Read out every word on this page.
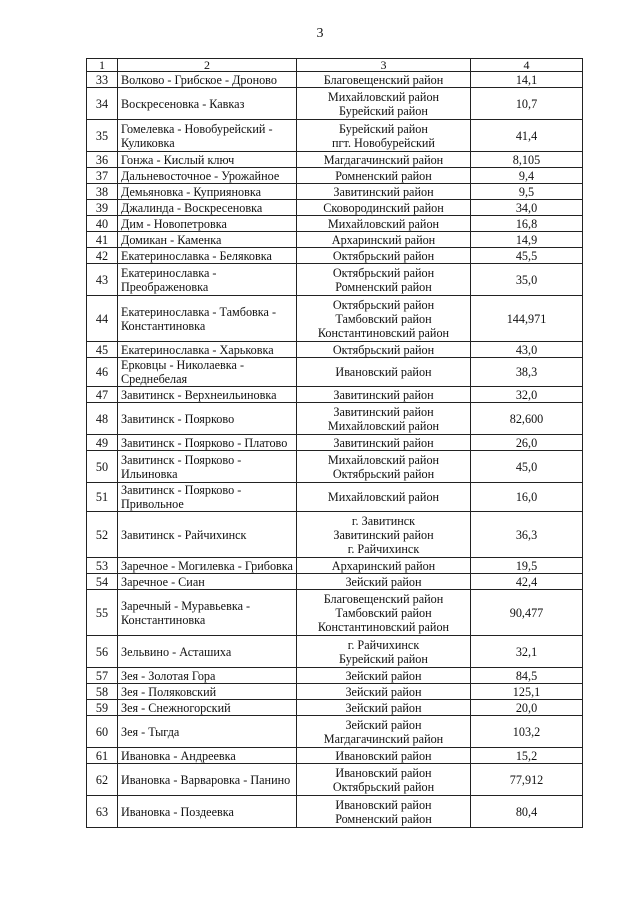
3
1	2	3	4
33	Волково - Грибское - Дроново	Благовещенский район	14,1
34	Воскресеновка - Кавказ	Михайловский район
Бурейский район	10,7
35	Гомелевка - Новобурейский - Куликовка	Бурейский район
пгт. Новобурейский	41,4
36	Гонжа - Кислый ключ	Магдагачинский район	8,105
37	Дальневосточное - Урожайное	Ромненский район	9,4
38	Демьяновка - Куприяновка	Завитинский район	9,5
39	Джалинда - Воскресеновка	Сковородинский район	34,0
40	Дим - Новопетровка	Михайловский район	16,8
41	Домикан - Каменка	Архаринский район	14,9
42	Екатеринославка - Беляковка	Октябрьский район	45,5
43	Екатеринославка - Преображеновка	Октябрьский район
Ромненский район	35,0
44	Екатеринославка - Тамбовка - Константиновка	Октябрьский район
Тамбовский район
Константиновский район	144,971
45	Екатеринославка - Харьковка	Октябрьский район	43,0
46	Ерковцы - Николаевка - Среднебелая	Ивановский район	38,3
47	Завитинск - Верхнеильиновка	Завитинский район	32,0
48	Завитинск - Поярково	Завитинский район
Михайловский район	82,600
49	Завитинск - Поярково - Платово	Завитинский район	26,0
50	Завитинск - Поярково - Ильиновка	Михайловский район
Октябрьский район	45,0
51	Завитинск - Поярково - Привольное	Михайловский район	16,0
52	Завитинск - Райчихинск	г. Завитинск
Завитинский район
г. Райчихинск	36,3
53	Заречное - Могилевка - Грибовка	Архаринский район	19,5
54	Заречное - Сиан	Зейский район	42,4
55	Заречный - Муравьевка - Константиновка	Благовещенский район
Тамбовский район
Константиновский район	90,477
56	Зельвино - Асташиха	г. Райчихинск
Бурейский район	32,1
57	Зея - Золотая Гора	Зейский район	84,5
58	Зея - Поляковский	Зейский район	125,1
59	Зея - Снежногорский	Зейский район	20,0
60	Зея - Тыгда	Зейский район
Магдагачинский район	103,2
61	Ивановка - Андреевка	Ивановский район	15,2
62	Ивановка - Варваровка - Панино	Ивановский район
Октябрьский район	77,912
63	Ивановка - Поздеевка	Ивановский район
Ромненский район	80,4
